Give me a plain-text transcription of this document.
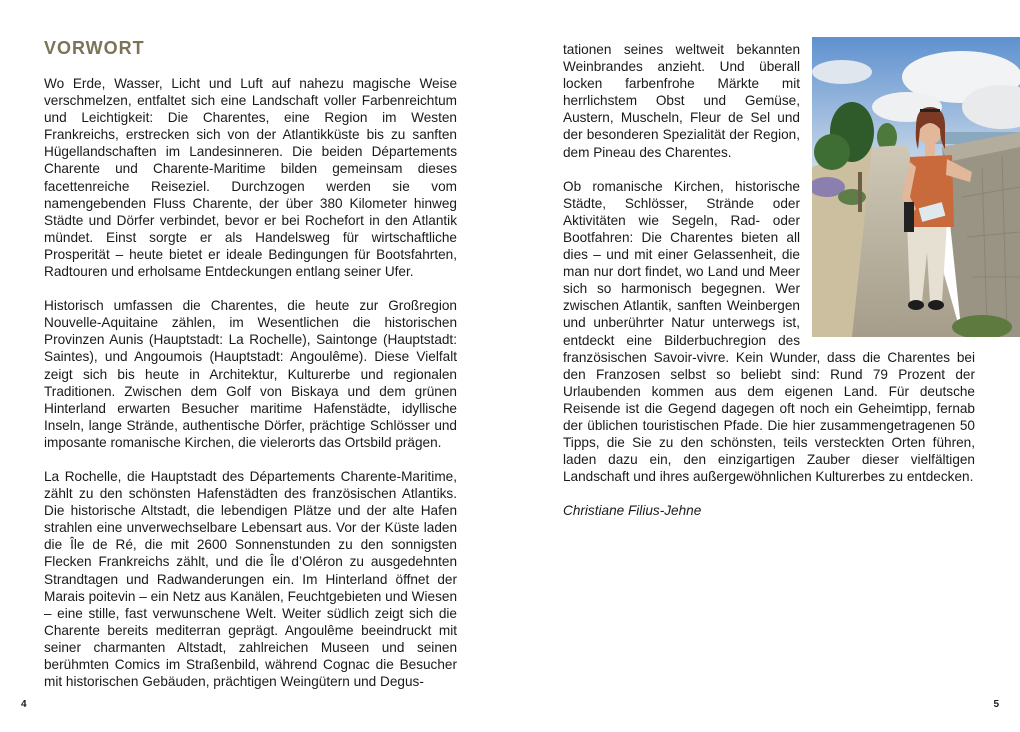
VORWORT

Wo Erde, Wasser, Licht und Luft auf nahezu magische Weise verschmelzen, entfaltet sich eine Landschaft voller Farbenreichtum und Leichtigkeit: Die Charentes, eine Region im Westen Frankreichs, erstrecken sich von der Atlantikküste bis zu sanften Hügellandschaften im Landesinneren. Die beiden Départements Charente und Charente-Maritime bilden gemeinsam dieses facettenreiche Reiseziel. Durchzogen werden sie vom namengebenden Fluss Charente, der über 380 Kilometer hinweg Städte und Dörfer verbindet, bevor er bei Rochefort in den Atlantik mündet. Einst sorgte er als Handelsweg für wirtschaftliche Prosperität – heute bietet er ideale Bedingungen für Bootsfahrten, Radtouren und erholsame Entdeckungen entlang seiner Ufer.

Historisch umfassen die Charentes, die heute zur Großregion Nouvelle-Aquitaine zählen, im Wesentlichen die historischen Provinzen Aunis (Hauptstadt: La Rochelle), Saintonge (Hauptstadt: Saintes), und Angoumois (Hauptstadt: Angoulême). Diese Vielfalt zeigt sich bis heute in Architektur, Kulturerbe und regionalen Traditionen. Zwischen dem Golf von Biskaya und dem grünen Hinterland erwarten Besucher maritime Hafenstädte, idyllische Inseln, lange Strände, authentische Dörfer, prächtige Schlösser und imposante romanische Kirchen, die vielerorts das Ortsbild prägen.

La Rochelle, die Hauptstadt des Départements Charente-Maritime, zählt zu den schönsten Hafenstädten des französischen Atlantiks. Die historische Altstadt, die lebendigen Plätze und der alte Hafen strahlen eine unverwechselbare Lebensart aus. Vor der Küste laden die Île de Ré, die mit 2600 Sonnenstunden zu den sonnigsten Flecken Frankreichs zählt, und die Île d’Oléron zu ausgedehnten Strandtagen und Radwanderungen ein. Im Hinterland öffnet der Marais poitevin – ein Netz aus Kanälen, Feuchtgebieten und Wiesen – eine stille, fast verwunschene Welt. Weiter südlich zeigt sich die Charente bereits mediterran geprägt. Angoulême beeindruckt mit seiner charmanten Altstadt, zahlreichen Museen und seinen berühmten Comics im Straßenbild, während Cognac die Besucher mit historischen Gebäuden, prächtigen Weingütern und Degus-

4

tationen seines weltweit bekannten Weinbrandes anzieht. Und überall locken farbenfrohe Märkte mit herrlichstem Obst und Gemüse, Austern, Muscheln, Fleur de Sel und der besonderen Spezialität der Region, dem Pineau des Charentes.

Ob romanische Kirchen, historische Städte, Schlösser, Strände oder Aktivitäten wie Segeln, Rad- oder Bootfahren: Die Charentes bieten all dies – und mit einer Gelassenheit, die man nur dort findet, wo Land und Meer sich so harmonisch begegnen. Wer zwischen Atlantik, sanften Weinbergen und unberührter Natur unterwegs ist, entdeckt eine Bilderbuchregion des französischen Savoir-vivre. Kein Wunder, dass die Charentes bei den Franzosen selbst so beliebt sind: Rund 79 Prozent der Urlaubenden kommen aus dem eigenen Land. Für deutsche Reisende ist die Gegend dagegen oft noch ein Geheimtipp, fernab der üblichen touristischen Pfade. Die hier zusammengetragenen 50 Tipps, die Sie zu den schönsten, teils versteckten Orten führen, laden dazu ein, den einzigartigen Zauber dieser vielfältigen Landschaft und ihres außergewöhnlichen Kulturerbes zu entdecken.

Christiane Filius-Jehne

5
